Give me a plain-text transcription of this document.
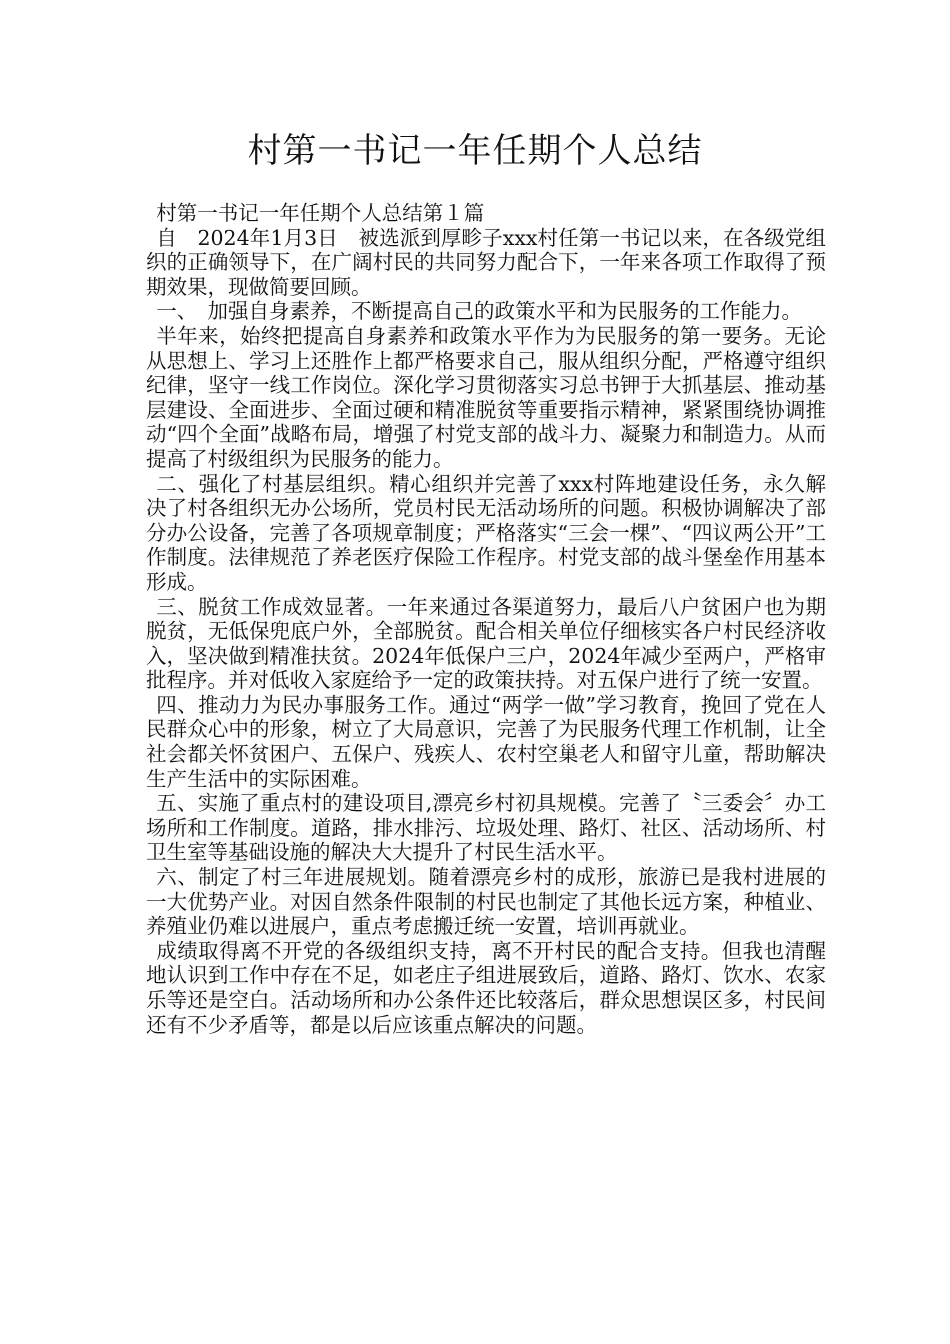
村第一书记一年任期个人总结

村第一书记一年任期个人总结第１篇

自　2024年1月3日　被选派到厚畛子xxx村任第一书记以来，在各级党组织的正确领导下，在广阔村民的共同努力配合下，一年来各项工作取得了预期效果，现做简要回顾。

一、　加强自身素养，不断提高自己的政策水平和为民服务的工作能力。

半年来，始终把提高自身素养和政策水平作为为民服务的第一要务。无论从思想上、学习上还胜作上都严格要求自己，服从组织分配，严格遵守组织纪律，坚守一线工作岗位。深化学习贯彻落实习总书钾于大抓基层、推动基层建设、全面进步、全面过硬和精准脱贫等重要指示精神，紧紧围绕协调推动“四个全面”战略布局，增强了村党支部的战斗力、凝聚力和制造力。从而提高了村级组织为民服务的能力。

二、强化了村基层组织。精心组织并完善了xxx村阵地建设任务，永久解决了村各组织无办公场所，党员村民无活动场所的问题。积极协调解决了部分办公设备，完善了各项规章制度；严格落实“三会一棵”、“四议两公开”工作制度。法律规范了养老医疗保险工作程序。村党支部的战斗堡垒作用基本形成。

三、脱贫工作成效显著。一年来通过各渠道努力，最后八户贫困户也为期脱贫，无低保兜底户外，全部脱贫。配合相关单位仔细核实各户村民经济收入，坚决做到精准扶贫。2024年低保户三户，2024年减少至两户，严格审批程序。并对低收入家庭给予一定的政策扶持。对五保户进行了统一安置。

四、推动力为民办事服务工作。通过“两学一做”学习教育，挽回了党在人民群众心中的形象，树立了大局意识，完善了为民服务代理工作机制，让全社会都关怀贫困户、五保户、残疾人、农村空巢老人和留守儿童，帮助解决生产生活中的实际困难。

五、实施了重点村的建设项目,漂亮乡村初具规模。完善了〝三委会〞办工场所和工作制度。道路，排水排污、垃圾处理、路灯、社区、活动场所、村卫生室等基础设施的解决大大提升了村民生活水平。

六、制定了村三年进展规划。随着漂亮乡村的成形，旅游已是我村进展的一大优势产业。对因自然条件限制的村民也制定了其他长远方案，种植业、养殖业仍难以进展户，重点考虑搬迁统一安置，培训再就业。

成绩取得离不开党的各级组织支持，离不开村民的配合支持。但我也清醒地认识到工作中存在不足，如老庄子组进展致后，道路、路灯、饮水、农家乐等还是空白。活动场所和办公条件还比较落后，群众思想误区多，村民间还有不少矛盾等，都是以后应该重点解决的问题。
